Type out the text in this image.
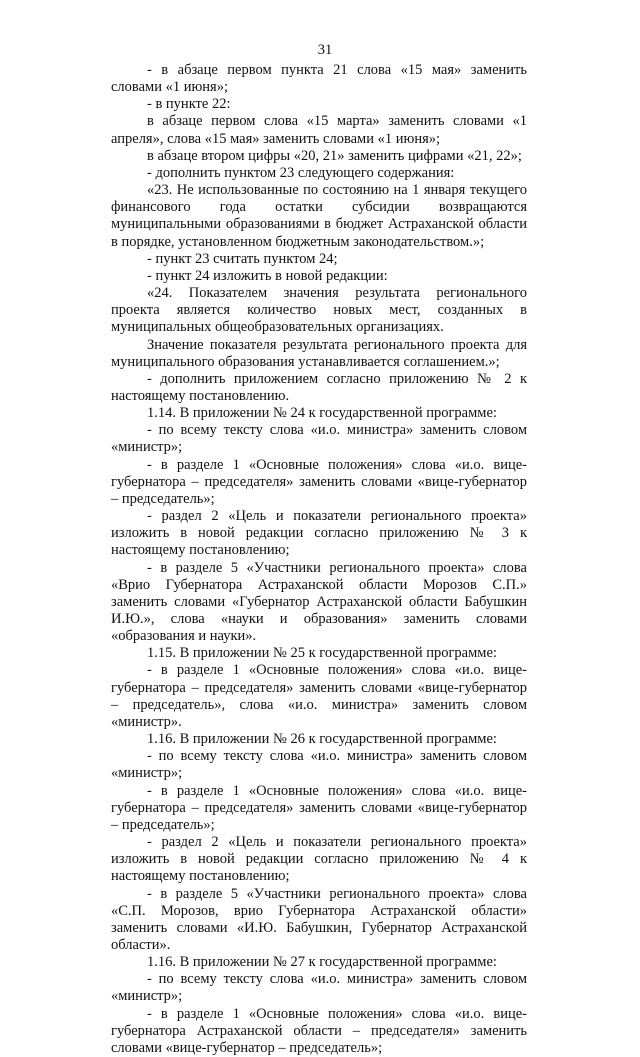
31

- в абзаце первом пункта 21 слова «15 мая» заменить словами «1 июня»;

- в пункте 22:

в абзаце первом слова «15 марта» заменить словами «1 апреля», слова «15 мая» заменить словами «1 июня»;

в абзаце втором цифры «20, 21» заменить цифрами «21, 22»;

- дополнить пунктом 23 следующего содержания:

«23. Не использованные по состоянию на 1 января текущего финансового года остатки субсидии возвращаются муниципальными образованиями в бюджет Астраханской области в порядке, установленном бюджетным законодательством.»;

- пункт 23 считать пунктом 24;

- пункт 24 изложить в новой редакции:

«24. Показателем значения результата регионального проекта является количество новых мест, созданных в муниципальных общеобразовательных организациях.

Значение показателя результата регионального проекта для муниципального образования устанавливается соглашением.»;

- дополнить приложением согласно приложению № 2 к настоящему постановлению.

1.14. В приложении № 24 к государственной программе:

- по всему тексту слова «и.о. министра» заменить словом «министр»;

- в разделе 1 «Основные положения» слова «и.о. вице-губернатора – председателя» заменить словами «вице-губернатор – председатель»;

- раздел 2 «Цель и показатели регионального проекта» изложить в новой редакции согласно приложению № 3 к настоящему постановлению;

- в разделе 5 «Участники регионального проекта» слова «Врио Губернатора Астраханской области Морозов С.П.» заменить словами «Губернатор Астраханской области Бабушкин И.Ю.», слова «науки и образования» заменить словами «образования и науки».

1.15. В приложении № 25 к государственной программе:

- в разделе 1 «Основные положения» слова «и.о. вице-губернатора – председателя» заменить словами «вице-губернатор – председатель», слова «и.о. министра» заменить словом «министр».

1.16. В приложении № 26 к государственной программе:

- по всему тексту слова «и.о. министра» заменить словом «министр»;

- в разделе 1 «Основные положения» слова «и.о. вице-губернатора – председателя» заменить словами «вице-губернатор – председатель»;

- раздел 2 «Цель и показатели регионального проекта» изложить в новой редакции согласно приложению № 4 к настоящему постановлению;

- в разделе 5 «Участники регионального проекта» слова «С.П. Морозов, врио Губернатора Астраханской области» заменить словами «И.Ю. Бабушкин, Губернатор Астраханской области».

1.16. В приложении № 27 к государственной программе:

- по всему тексту слова «и.о. министра» заменить словом «министр»;

- в разделе 1 «Основные положения» слова «и.о. вице-губернатора Астраханской области – председателя» заменить словами «вице-губернатор – председатель»;
